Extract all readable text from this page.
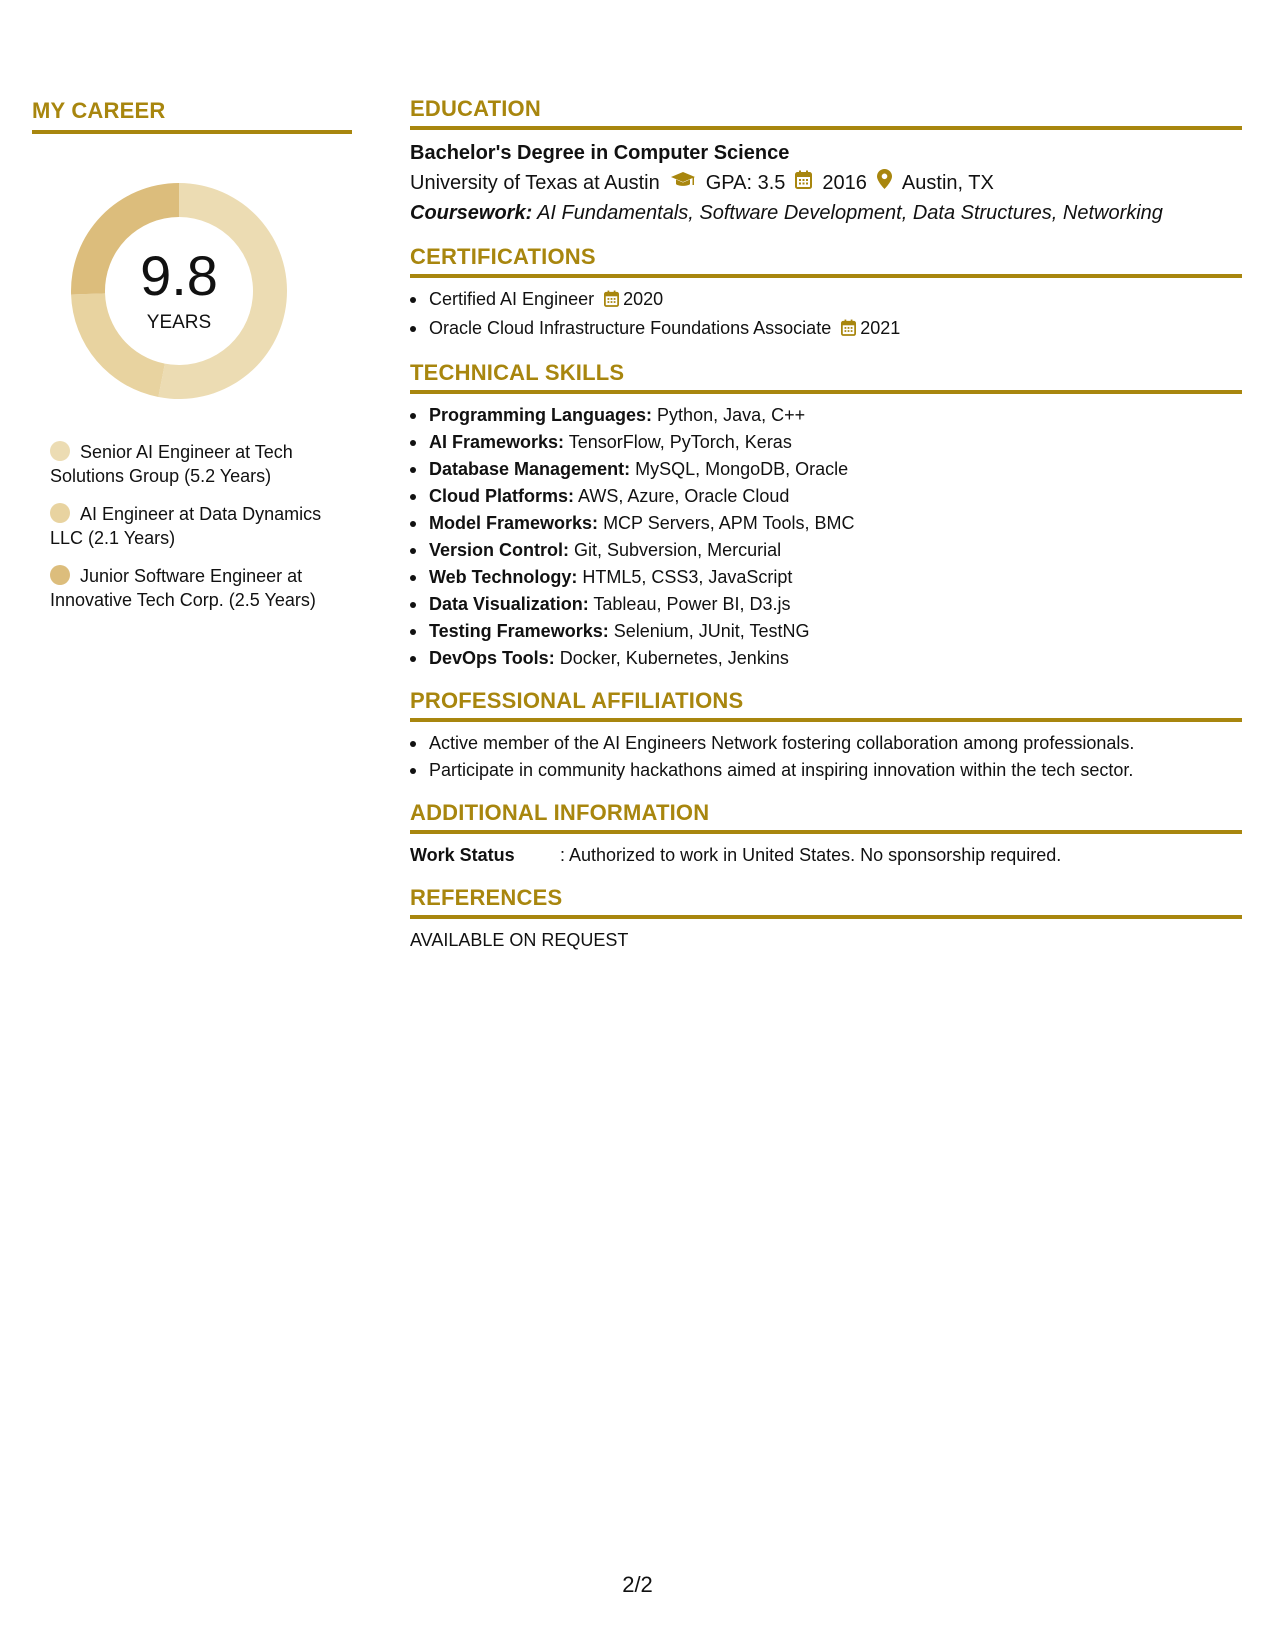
MY CAREER
9.8
YEARS
Senior AI Engineer at Tech Solutions Group (5.2 Years)
AI Engineer at Data Dynamics LLC (2.1 Years)
Junior Software Engineer at Innovative Tech Corp. (2.5 Years)
EDUCATION
Bachelor's Degree in Computer Science
University of Texas at Austin GPA: 3.5 2016 Austin, TX
Coursework: AI Fundamentals, Software Development, Data Structures, Networking
CERTIFICATIONS
Certified AI Engineer 2020
Oracle Cloud Infrastructure Foundations Associate 2021
TECHNICAL SKILLS
Programming Languages: Python, Java, C++
AI Frameworks: TensorFlow, PyTorch, Keras
Database Management: MySQL, MongoDB, Oracle
Cloud Platforms: AWS, Azure, Oracle Cloud
Model Frameworks: MCP Servers, APM Tools, BMC
Version Control: Git, Subversion, Mercurial
Web Technology: HTML5, CSS3, JavaScript
Data Visualization: Tableau, Power BI, D3.js
Testing Frameworks: Selenium, JUnit, TestNG
DevOps Tools: Docker, Kubernetes, Jenkins
PROFESSIONAL AFFILIATIONS
Active member of the AI Engineers Network fostering collaboration among professionals.
Participate in community hackathons aimed at inspiring innovation within the tech sector.
ADDITIONAL INFORMATION
Work Status	: Authorized to work in United States. No sponsorship required.
REFERENCES
AVAILABLE ON REQUEST
2/2
